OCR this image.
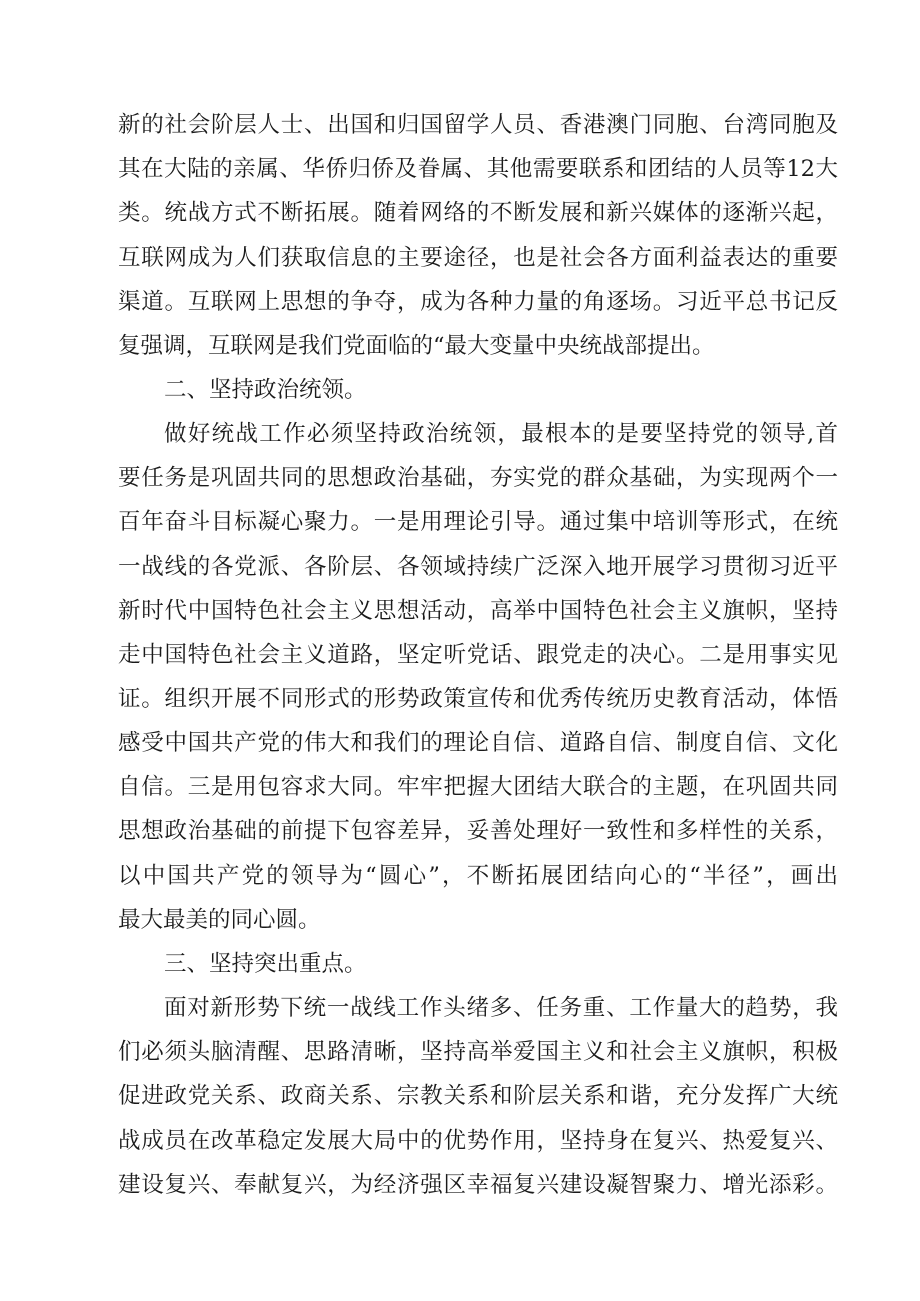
新的社会阶层人士、出国和归国留学人员、香港澳门同胞、台湾同胞及
其在大陆的亲属、华侨归侨及眷属、其他需要联系和团结的人员等12大
类。统战方式不断拓展。随着网络的不断发展和新兴媒体的逐渐兴起，
互联网成为人们获取信息的主要途径，也是社会各方面利益表达的重要
渠道。互联网上思想的争夺，成为各种力量的角逐场。习近平总书记反
复强调，互联网是我们党面临的“最大变量中央统战部提出。
二、坚持政治统领。
做好统战工作必须坚持政治统领，最根本的是要坚持党的领导,首
要任务是巩固共同的思想政治基础，夯实党的群众基础，为实现两个一
百年奋斗目标凝心聚力。一是用理论引导。通过集中培训等形式，在统
一战线的各党派、各阶层、各领域持续广泛深入地开展学习贯彻习近平
新时代中国特色社会主义思想活动，高举中国特色社会主义旗帜，坚持
走中国特色社会主义道路，坚定听党话、跟党走的决心。二是用事实见
证。组织开展不同形式的形势政策宣传和优秀传统历史教育活动，体悟
感受中国共产党的伟大和我们的理论自信、道路自信、制度自信、文化
自信。三是用包容求大同。牢牢把握大团结大联合的主题，在巩固共同
思想政治基础的前提下包容差异，妥善处理好一致性和多样性的关系，
以中国共产党的领导为“圆心”，不断拓展团结向心的“半径”，画出
最大最美的同心圆。
三、坚持突出重点。
面对新形势下统一战线工作头绪多、任务重、工作量大的趋势，我
们必须头脑清醒、思路清晰，坚持高举爱国主义和社会主义旗帜，积极
促进政党关系、政商关系、宗教关系和阶层关系和谐，充分发挥广大统
战成员在改革稳定发展大局中的优势作用，坚持身在复兴、热爱复兴、
建设复兴、奉献复兴，为经济强区幸福复兴建设凝智聚力、增光添彩。
